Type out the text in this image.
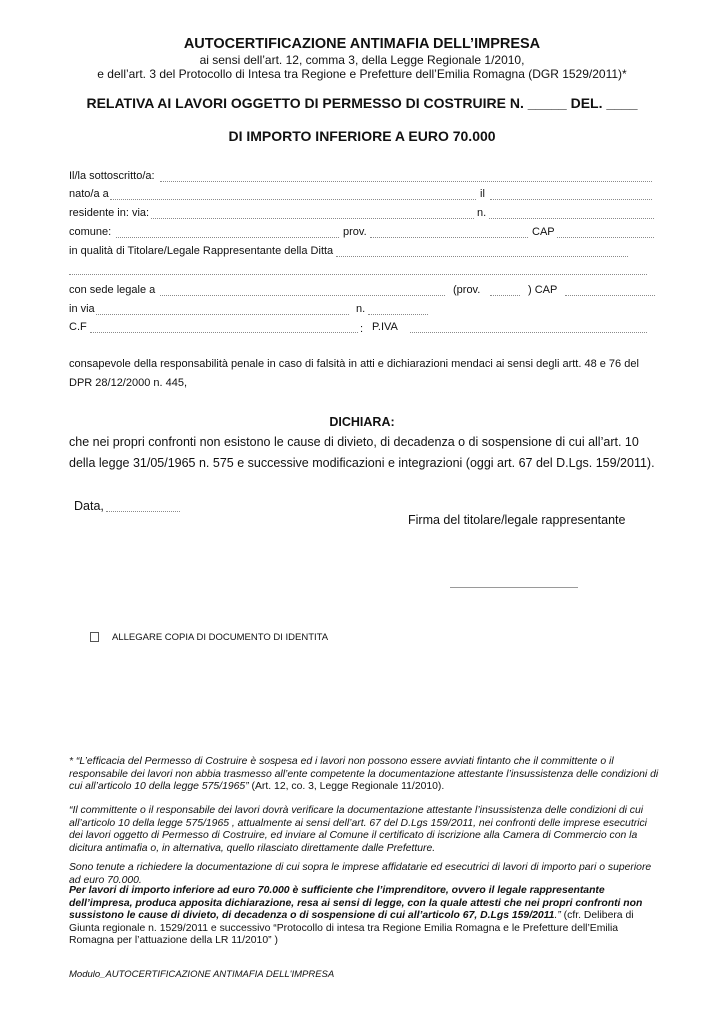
AUTOCERTIFICAZIONE ANTIMAFIA DELL’IMPRESA
ai sensi dell’art. 12, comma 3, della Legge Regionale 1/2010,
e dell’art. 3 del Protocollo di Intesa tra Regione e Prefetture dell’Emilia Romagna (DGR 1529/2011)*
RELATIVA AI LAVORI OGGETTO DI PERMESSO DI COSTRUIRE N. _____ DEL. ____
DI IMPORTO INFERIORE A EURO 70.000
Il/la sottoscritto/a:
nato/a a	il
residente in: via:	n.
comune:	prov.	CAP
in qualità di Titolare/Legale Rappresentante della Ditta
con sede legale a	(prov.	) CAP
in via	n.
C.F	: P.IVA
consapevole della responsabilità penale in caso di falsità in atti e dichiarazioni mendaci ai sensi degli artt. 48 e 76 del DPR 28/12/2000 n. 445,
DICHIARA:
che nei propri confronti non esistono le cause di divieto, di decadenza o di sospensione di cui all’art. 10 della legge 31/05/1965 n. 575 e successive modificazioni e integrazioni (oggi art. 67 del D.Lgs. 159/2011).
Data,
Firma del titolare/legale rappresentante
ALLEGARE COPIA DI DOCUMENTO DI IDENTITA
* “L’efficacia del Permesso di Costruire è sospesa ed i lavori non possono essere avviati fintanto che il committente o il responsabile dei lavori non abbia trasmesso all’ente competente la documentazione attestante l’insussistenza delle condizioni di cui all’articolo 10 della legge 575/1965” (Art. 12, co. 3, Legge Regionale 11/2010).
“Il committente o il responsabile dei lavori dovrà verificare la documentazione attestante l’insussistenza delle condizioni di cui all’articolo 10 della legge 575/1965 , attualmente ai sensi dell’art. 67 del D.Lgs 159/2011, nei confronti delle imprese esecutrici dei lavori oggetto di Permesso di Costruire, ed inviare al Comune il certificato di iscrizione alla Camera di Commercio con la dicitura antimafia o, in alternativa, quello rilasciato direttamente dalle Prefetture.
Sono tenute a richiedere la documentazione di cui sopra le imprese affidatarie ed esecutrici di lavori di importo pari o superiore ad euro 70.000.
Per lavori di importo inferiore ad euro 70.000 è sufficiente che l’imprenditore, ovvero il legale rappresentante dell’impresa, produca apposita dichiarazione, resa ai sensi di legge, con la quale attesti che nei propri confronti non sussistono le cause di divieto, di decadenza o di sospensione di cui all’articolo 67, D.Lgs 159/2011.” (cfr. Delibera di Giunta regionale n. 1529/2011 e successivo “Protocollo di intesa tra Regione Emilia Romagna e le Prefetture dell’Emilia Romagna per l’attuazione della LR 11/2010” )
Modulo_AUTOCERTIFICAZIONE ANTIMAFIA DELL'IMPRESA
